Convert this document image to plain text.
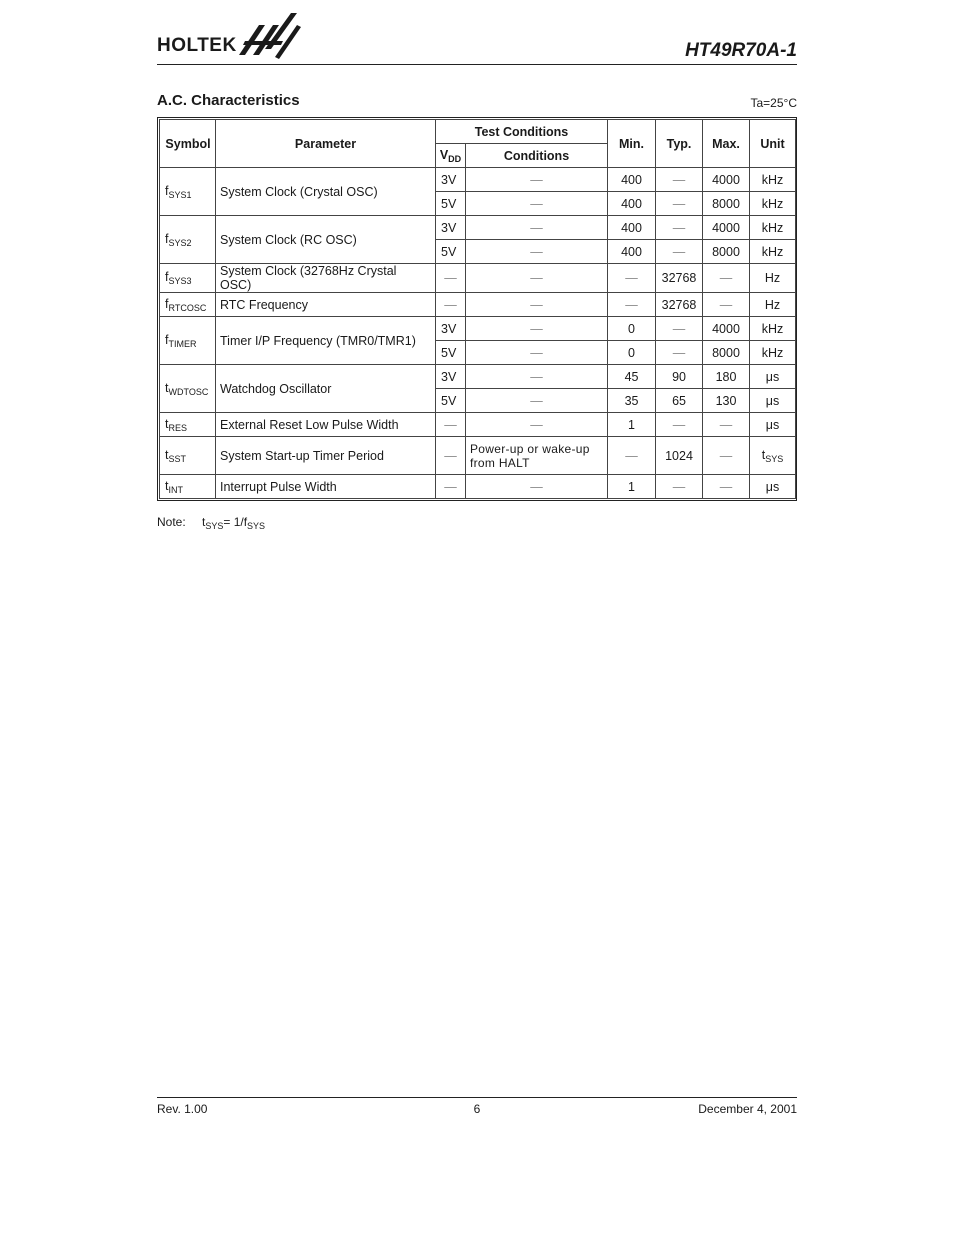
HOLTEK	HT49R70A-1
A.C. Characteristics	Ta=25°C
Symbol	Parameter	Test Conditions		Min.	Typ.	Max.	Unit
		$V_{DD}$	Conditions				
$f_{SYS1}$	System Clock (Crystal OSC)	3V	—	400	—	4000	kHz
		5V	—	400	—	8000	kHz
$f_{SYS2}$	System Clock (RC OSC)	3V	—	400	—	4000	kHz
		5V	—	400	—	8000	kHz
$f_{SYS3}$	System Clock (32768Hz Crystal OSC)	—	—	—	32768	—	Hz
$f_{RTCOSC}$	RTC Frequency	—	—	—	32768	—	Hz
$f_{TIMER}$	Timer I/P Frequency (TMR0/TMR1)	3V	—	0	—	4000	kHz
		5V	—	0	—	8000	kHz
$t_{WDTOSC}$	Watchdog Oscillator	3V	—	45	90	180	μs
		5V	—	35	65	130	μs
$t_{RES}$	External Reset Low Pulse Width	—	—	1	—	—	μs
$t_{SST}$	System Start-up Timer Period	—	Power-up or wake-up from HALT	—	1024	—	$t_{SYS}$
$t_{INT}$	Interrupt Pulse Width	—	—	1	—	—	μs
Note: $t_{SYS}= 1/f_{SYS}$
Rev. 1.00	6	December 4, 2001
